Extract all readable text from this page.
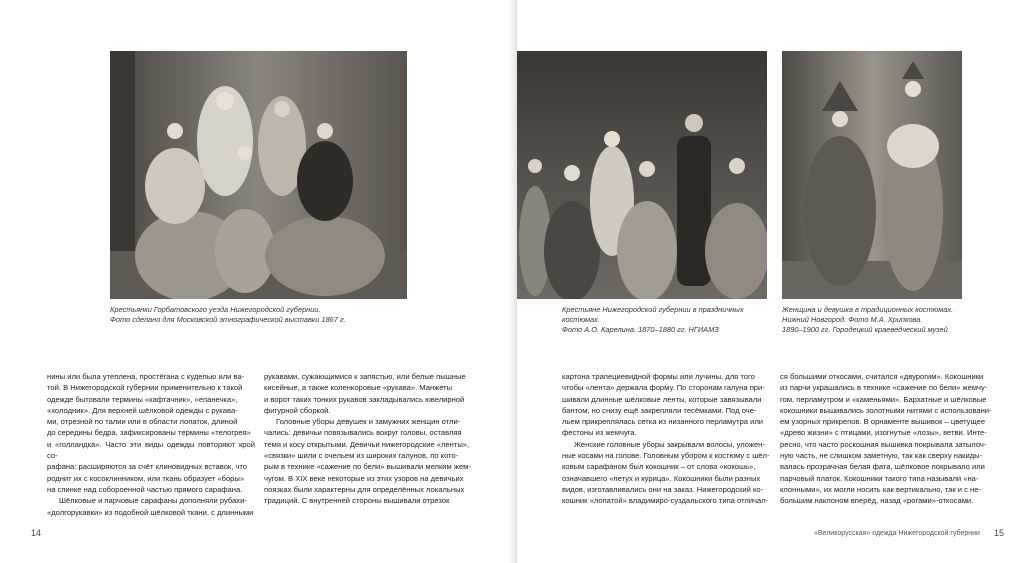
Крестьянки Горбатовского уезда Нижегородской губернии.
Фото сделано для Московской этнографической выставки 1867 г.

нины или была утеплена, простёгана с куделью или ва-

той. В Нижегородской губернии применительно к такой

одежде бытовали термины «кафтачник», «епанечка»,

«холодник». Для верхней шёлковой одежды с рукава-

ми, отрезной по талии или в области лопаток, длиной

до середины бедра, зафиксированы термины «телогрея»

и «голландка». Часто эти виды одежды повторяют крой со-

рафана: расширяются за счёт клиновидных вставок, что

роднит их с косоклинником, или ткань образует «боры»

на спинке над собороенной частью прямого сарафана.

Шёлковые и парчовые сарафаны дополняли рубахи-

«долгорукавки» из подобной шёлковой ткани, с длинными

рукавами, сужающимися к запястью, или белые пышные

кисейные, а также коленкоровые «рукава». Манжеты

и ворот таких тонких рукавов закладывались ювелирной

фигурной сборкой.

Головные уборы девушек и замужних женщин отли-

чались: девичьи повязывались вокруг головы, оставляя

темя и косу открытыми. Девичьи нижегородские «ленты»,

«связки» шили с очельем из широких галунов, по кото-

рым в технике «сажение по бели» вышивали мелким жем-

чугом. В XIX веке некоторые из этих узоров на девичьих

поязках были характерны для определённых локальных

традиций. С внутренней стороны вышивали отрезок

14
Крестьяне Нижегородской губернии в праздничных костюмах.
Фото А.О. Карелина. 1870–1880 гг. НГИАМЗ
Женщина и девушка в традиционных костюмах.
Нижний Новгород. Фото М.А. Хрипкова.
1890–1900 гг. Городецкий краеведческий музей

картона трапециевидной формы или лучины, для того

чтобы «лента» держала форму. По сторонам галуна при-

шивали длинные шёлковые ленты, которые завязывали

бантом, но снизу ещё закрепляли тесёмками. Под оче-

льем прикреплялась сетка из низанного перламутра или

фестоны из жемчуга.

Женские головные уборы закрывали волосы, уложен-

ные косами на голове. Головным убором к костюму с шёл-

ковым сарафаном был кокошник – от слова «кокошь»,

означавшего «петух и курица». Кокошники были разных

видов, изготавливались они на заказ. Нижегородский ко-

кошник «лопатой» владимиро-суздальского типа отличал-

ся большими откосами, считался «двурогим». Кокошники

из парчи украшались в технике «сажение по бели» жемчу-

гом, перламутром и «каменьями». Бархатные и шёлковые

кокошники вышивались золотными нитями с использовани-

ем узорных прикрепов. В орнаменте вышивок – цветущее

«древо жизни» с птицами, изогнутые «лозы», ветви. Инте-

ресно, что часто роскошная вышивка покрывала затылоч-

ную часть, не слишком заметную, так как сверху накиды-

валась прозрачная белая фата, шёлковое покрывало или

парчовый платок. Кокошники такого типа называли «на-

клонными», их могли носить как вертикально, так и с не-

большим наклоном вперёд, назад «рогами»-откосами.

«Великорусская» одежда Нижегородской губернии 15
